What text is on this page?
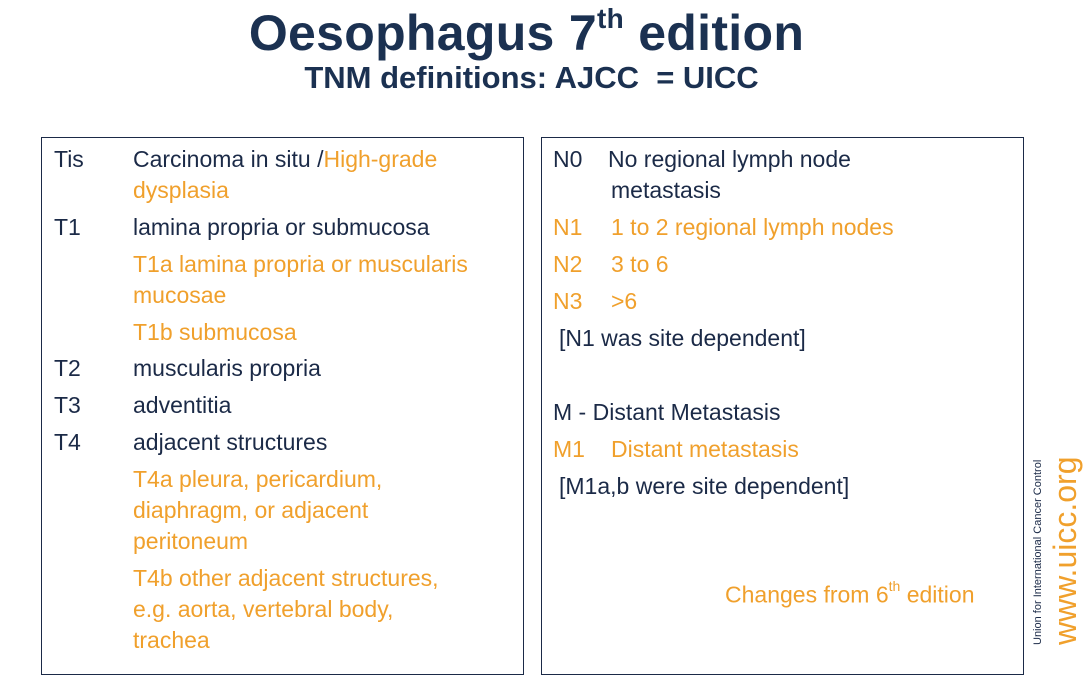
Oesophagus 7th edition
TNM definitions: AJCC  = UICC
Tis Carcinoma in situ /High-grade
dysplasia
T1 lamina propria or submucosa
T1a lamina propria or muscularis
mucosae
T1b submucosa
T2 muscularis propria
T3 adventitia
T4 adjacent structures
T4a pleura, pericardium,
diaphragm, or adjacent
peritoneum
T4b other adjacent structures,
e.g. aorta, vertebral body,
trachea
N0 No regional lymph node
metastasis
N1 1 to 2 regional lymph nodes
N2 3 to 6
N3 >6
[N1 was site dependent]
M - Distant Metastasis
M1 Distant metastasis
[M1a,b were site dependent]
Changes from 6th edition www.uicc.org
Union for International Cancer Control
